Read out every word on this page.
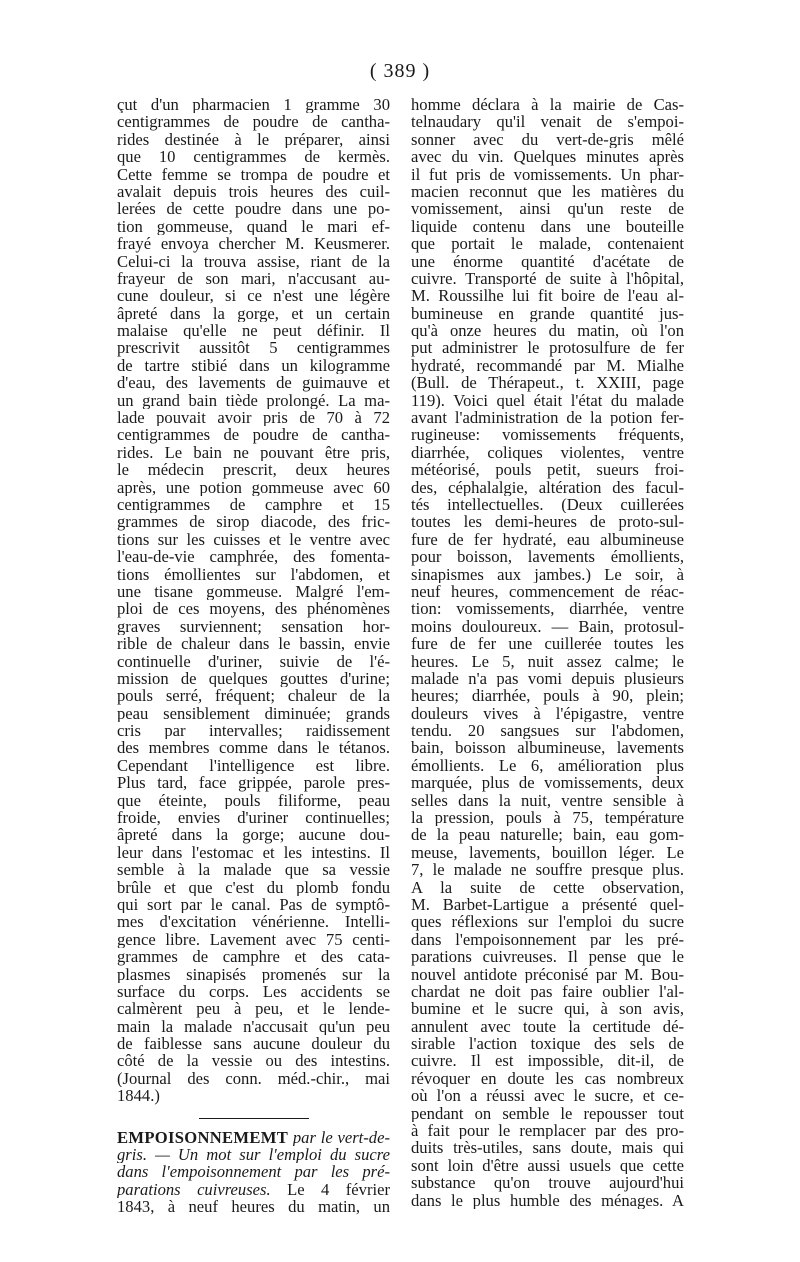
( 389 )
çut d'un pharmacien 1 gramme 30
centigrammes de poudre de cantha-
rides destinée à le préparer, ainsi
que 10 centigrammes de kermès.
Cette femme se trompa de poudre et
avalait depuis trois heures des cuil-
lerées de cette poudre dans une po-
tion gommeuse, quand le mari ef-
frayé envoya chercher M. Keusmerer.
Celui-ci la trouva assise, riant de la
frayeur de son mari, n'accusant au-
cune douleur, si ce n'est une légère
âpreté dans la gorge, et un certain
malaise qu'elle ne peut définir. Il
prescrivit aussitôt 5 centigrammes
de tartre stibié dans un kilogramme
d'eau, des lavements de guimauve et
un grand bain tiède prolongé. La ma-
lade pouvait avoir pris de 70 à 72
centigrammes de poudre de cantha-
rides. Le bain ne pouvant être pris,
le médecin prescrit, deux heures
après, une potion gommeuse avec 60
centigrammes de camphre et 15
grammes de sirop diacode, des fric-
tions sur les cuisses et le ventre avec
l'eau-de-vie camphrée, des fomenta-
tions émollientes sur l'abdomen, et
une tisane gommeuse. Malgré l'em-
ploi de ces moyens, des phénomènes
graves surviennent; sensation hor-
rible de chaleur dans le bassin, envie
continuelle d'uriner, suivie de l'é-
mission de quelques gouttes d'urine;
pouls serré, fréquent; chaleur de la
peau sensiblement diminuée; grands
cris par intervalles; raidissement
des membres comme dans le tétanos.
Cependant l'intelligence est libre.
Plus tard, face grippée, parole pres-
que éteinte, pouls filiforme, peau
froide, envies d'uriner continuelles;
âpreté dans la gorge; aucune dou-
leur dans l'estomac et les intestins. Il
semble à la malade que sa vessie
brûle et que c'est du plomb fondu
qui sort par le canal. Pas de symptô-
mes d'excitation vénérienne. Intelli-
gence libre. Lavement avec 75 centi-
grammes de camphre et des cata-
plasmes sinapisés promenés sur la
surface du corps. Les accidents se
calmèrent peu à peu, et le lende-
main la malade n'accusait qu'un peu
de faiblesse sans aucune douleur du
côté de la vessie ou des intestins.
(Journal des conn. méd.-chir., mai
1844.)
EMPOISONNEMEMT par le vert-de-
gris. — Un mot sur l'emploi du sucre
dans l'empoisonnement par les pré-
parations cuivreuses. Le 4 février
1843, à neuf heures du matin, un
homme déclara à la mairie de Cas-
telnaudary qu'il venait de s'empoi-
sonner avec du vert-de-gris mêlé
avec du vin. Quelques minutes après
il fut pris de vomissements. Un phar-
macien reconnut que les matières du
vomissement, ainsi qu'un reste de
liquide contenu dans une bouteille
que portait le malade, contenaient
une énorme quantité d'acétate de
cuivre. Transporté de suite à l'hôpital,
M. Roussilhe lui fit boire de l'eau al-
bumineuse en grande quantité jus-
qu'à onze heures du matin, où l'on
put administrer le protosulfure de fer
hydraté, recommandé par M. Mialhe
(Bull. de Thérapeut., t. XXIII, page
119). Voici quel était l'état du malade
avant l'administration de la potion fer-
rugineuse: vomissements fréquents,
diarrhée, coliques violentes, ventre
météorisé, pouls petit, sueurs froi-
des, céphalalgie, altération des facul-
tés intellectuelles. (Deux cuillerées
toutes les demi-heures de proto-sul-
fure de fer hydraté, eau albumineuse
pour boisson, lavements émollients,
sinapismes aux jambes.) Le soir, à
neuf heures, commencement de réac-
tion: vomissements, diarrhée, ventre
moins douloureux. — Bain, protosul-
fure de fer une cuillerée toutes les
heures. Le 5, nuit assez calme; le
malade n'a pas vomi depuis plusieurs
heures; diarrhée, pouls à 90, plein;
douleurs vives à l'épigastre, ventre
tendu. 20 sangsues sur l'abdomen,
bain, boisson albumineuse, lavements
émollients. Le 6, amélioration plus
marquée, plus de vomissements, deux
selles dans la nuit, ventre sensible à
la pression, pouls à 75, température
de la peau naturelle; bain, eau gom-
meuse, lavements, bouillon léger. Le
7, le malade ne souffre presque plus.
A la suite de cette observation,
M. Barbet-Lartigue a présenté quel-
ques réflexions sur l'emploi du sucre
dans l'empoisonnement par les pré-
parations cuivreuses. Il pense que le
nouvel antidote préconisé par M. Bou-
chardat ne doit pas faire oublier l'al-
bumine et le sucre qui, à son avis,
annulent avec toute la certitude dé-
sirable l'action toxique des sels de
cuivre. Il est impossible, dit-il, de
révoquer en doute les cas nombreux
où l'on a réussi avec le sucre, et ce-
pendant on semble le repousser tout
à fait pour le remplacer par des pro-
duits très-utiles, sans doute, mais qui
sont loin d'être aussi usuels que cette
substance qu'on trouve aujourd'hui
dans le plus humble des ménages. A
